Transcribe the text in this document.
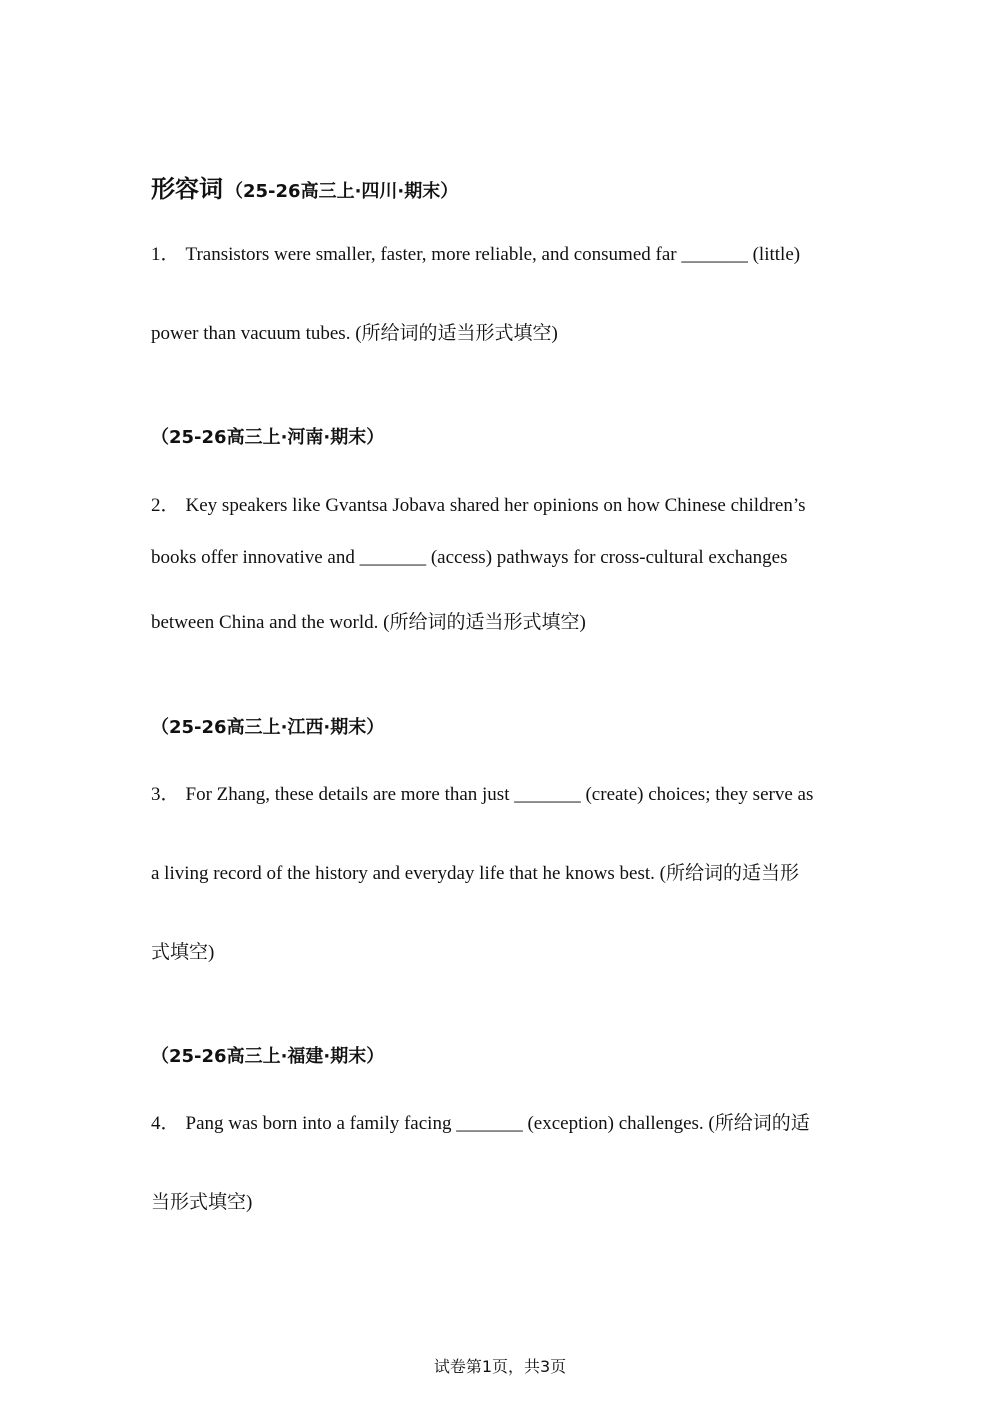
形容词 （25-26高三上·四川·期末）
1． Transistors were smaller, faster, more reliable, and consumed far _______ (little)
power than vacuum tubes. (所给词的适当形式填空)
（25-26高三上·河南·期末）
2． Key speakers like Gvantsa Jobava shared her opinions on how Chinese children’s
books offer innovative and _______ (access) pathways for cross-cultural exchanges
between China and the world. (所给词的适当形式填空)
（25-26高三上·江西·期末）
3． For Zhang, these details are more than just _______ (create) choices; they serve as
a living record of the history and everyday life that he knows best. (所给词的适当形
式填空)
（25-26高三上·福建·期末）
4． Pang was born into a family facing _______ (exception) challenges. (所给词的适
当形式填空)
试卷第1页，共3页
